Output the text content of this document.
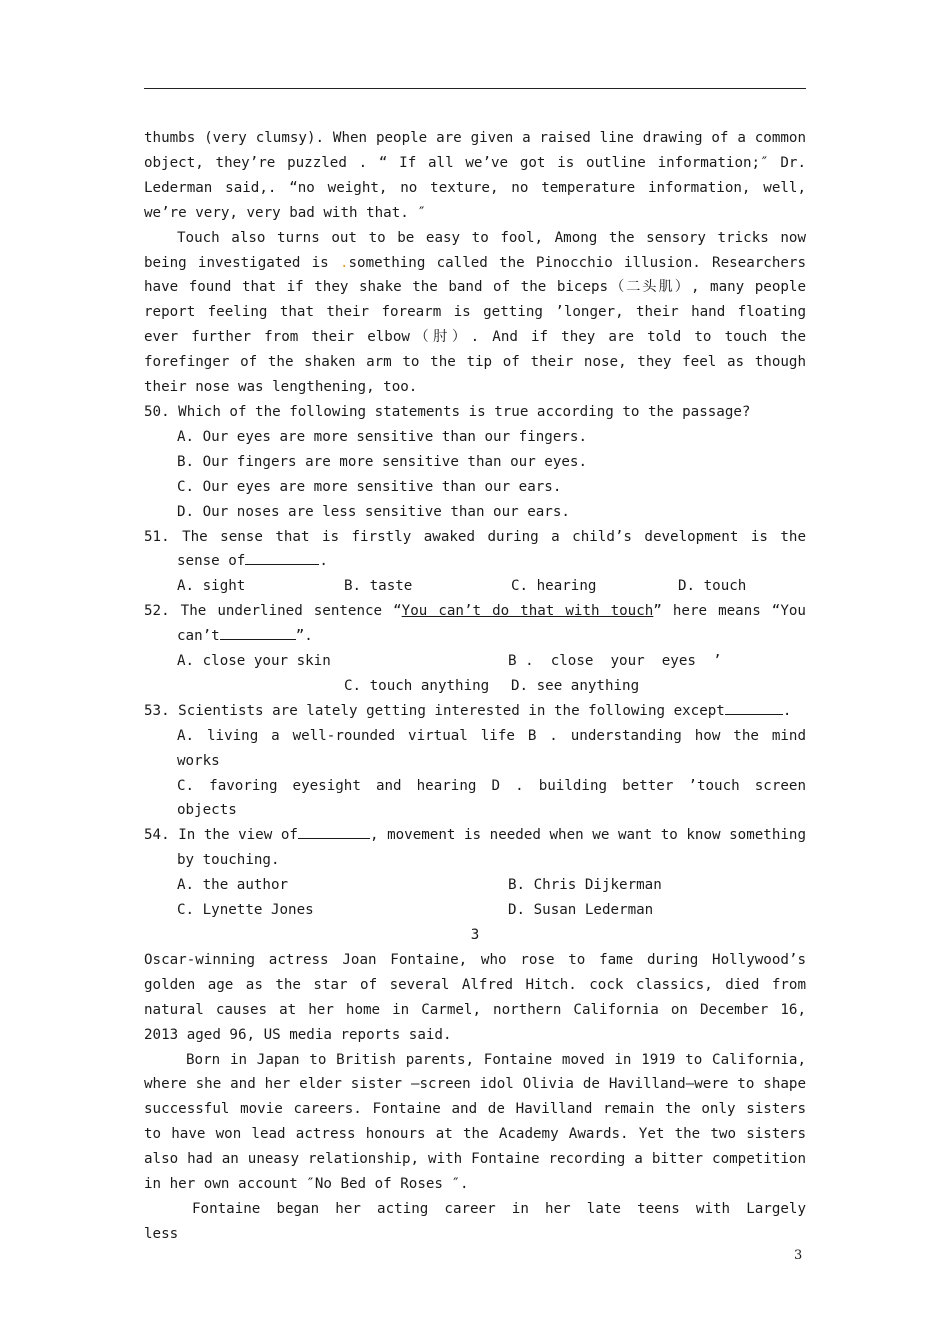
thumbs (very clumsy). When people are given a raised line drawing of a common object, they’re puzzled . “ If all we’ve got is outline information;″ Dr. Lederman said,. “no weight, no texture, no temperature information, well, we’re very, very bad with that. ″

Touch also turns out to be easy to fool, Among the sensory tricks now being investigated is .something called the Pinocchio illusion. Researchers have found that if they shake the band of the biceps（二头肌）, many people report feeling that their forearm is getting ’longer, their hand floating ever further from their elbow（肘）. And if they are told to touch the forefinger of the shaken arm to the tip of their nose, they feel as though their nose was lengthening, too.

50. Which of the following statements is true according to the passage?

A. Our eyes are more sensitive than our fingers.

B. Our fingers are more sensitive than our eyes.

C. Our eyes are more sensitive than our ears.

D. Our noses are less sensitive than our ears.

51. The sense that is firstly awaked during a child’s development is the sense of	.

A. sight	B. taste	C. hearing	D. touch

52. The underlined sentence “You can’t do that with touch” here means “You can’t	”.

A. close your skin	B .  close  your  eyes  ’
C. touch anything	D. see anything

53. Scientists are lately getting interested in the following except	.

A. living a well-rounded virtual life B . understanding how the mind works

C. favoring eyesight and hearing D . building better ’touch screen objects

54. In the view of	, movement is needed when we want to know something by touching.

A. the author	B. Chris Dijkerman
C. Lynette Jones	D. Susan Lederman

3

Oscar-winning actress Joan Fontaine, who rose to fame during Hollywood’s golden age as the star of several Alfred Hitch. cock classics, died from natural causes at her home in Carmel, northern California on December 16, 2013 aged 96, US media reports said.

Born in Japan to British parents, Fontaine moved in 1919 to California, where she and her elder sister —screen idol Olivia de Havilland—were to shape successful movie careers. Fontaine and de Havilland remain the only sisters to have won lead actress honours at the Academy Awards. Yet the two sisters also had an uneasy relationship, with Fontaine recording a bitter competition in her own account ″No Bed of Roses ″.

Fontaine began her acting career in her late teens with Largely less

3
